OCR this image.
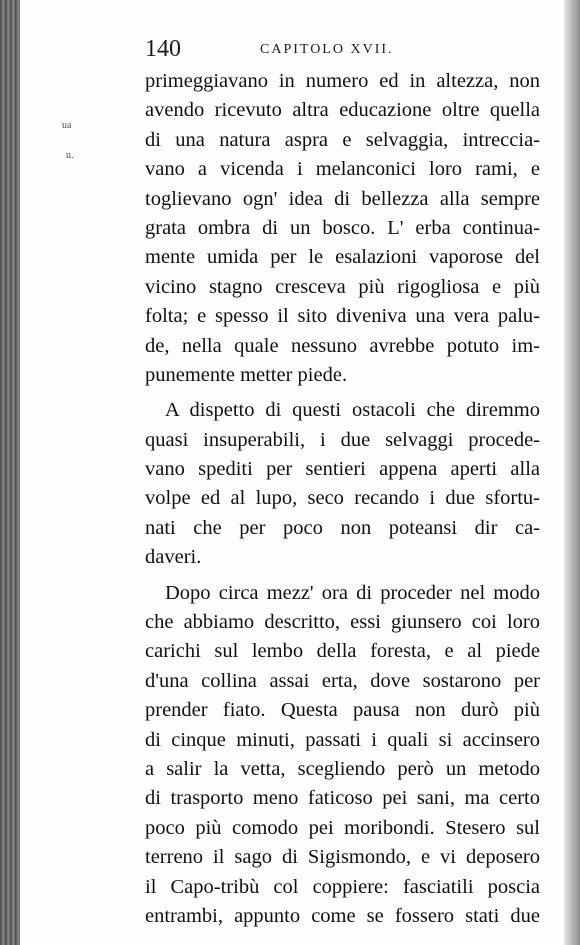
ua
u.
140	CAPITOLO XVII.
primeggiavano in numero ed in altezza, non
avendo ricevuto altra educazione oltre quella
di una natura aspra e selvaggia, intreccia-
vano a vicenda i melanconici loro rami, e
toglievano ogn' idea di bellezza alla sempre
grata ombra di un bosco. L' erba continua-
mente umida per le esalazioni vaporose del
vicino stagno cresceva più rigogliosa e più
folta; e spesso il sito diveniva una vera palu-
de, nella quale nessuno avrebbe potuto im-
punemente metter piede.
A dispetto di questi ostacoli che diremmo
quasi insuperabili, i due selvaggi procede-
vano spediti per sentieri appena aperti alla
volpe ed al lupo, seco recando i due sfortu-
nati che per poco non poteansi dir ca-
daveri.
Dopo circa mezz' ora di proceder nel modo
che abbiamo descritto, essi giunsero coi loro
carichi sul lembo della foresta, e al piede
d'una collina assai erta, dove sostarono per
prender fiato. Questa pausa non durò più
di cinque minuti, passati i quali si accinsero
a salir la vetta, scegliendo però un metodo
di trasporto meno faticoso pei sani, ma certo
poco più comodo pei moribondi. Stesero sul
terreno il sago di Sigismondo, e vi deposero
il Capo-tribù col coppiere: fasciatili poscia
entrambi, appunto come se fossero stati due
